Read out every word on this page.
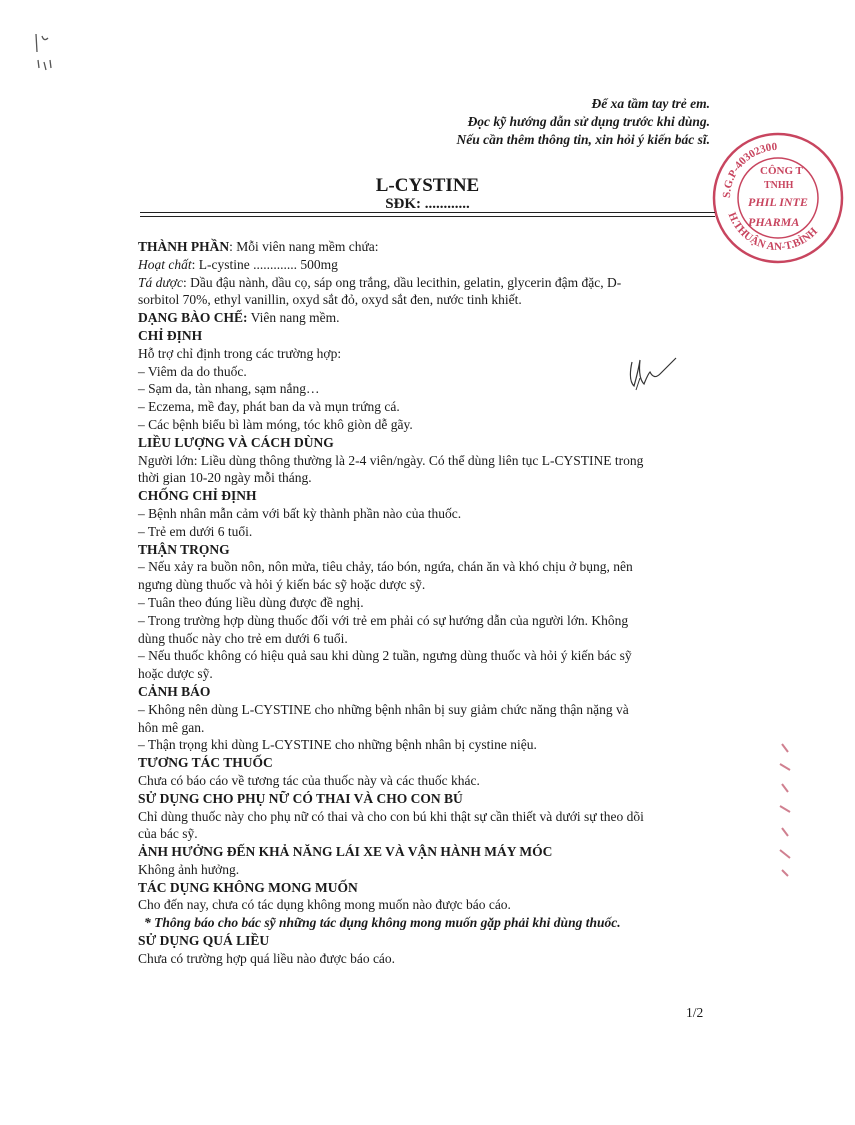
Để xa tầm tay trẻ em.
Đọc kỹ hướng dẫn sử dụng trước khi dùng.
Nếu cần thêm thông tin, xin hỏi ý kiến bác sĩ.
S.G.P-40302300
H.THUẬN AN-T.BÌNH
CÔNG T
TNHH
PHIL INTE
PHARMA
L-CYSTINE
SĐK: ............

THÀNH PHẦN: Mỗi viên nang mềm chứa:

Hoạt chất: L-cystine ............. 500mg

Tá dược: Dầu đậu nành, dầu cọ, sáp ong trắng, dầu lecithin, gelatin, glycerin đậm đặc, D-

sorbitol 70%, ethyl vanillin, oxyd sắt đỏ, oxyd sắt đen, nước tinh khiết.

DẠNG BÀO CHẾ: Viên nang mềm.

CHỈ ĐỊNH

Hỗ trợ chỉ định trong các trường hợp:

– Viêm da do thuốc.

– Sạm da, tàn nhang, sạm nắng…

– Eczema, mề đay, phát ban da và mụn trứng cá.

– Các bệnh biểu bì làm móng, tóc khô giòn dễ gãy.

LIỀU LƯỢNG VÀ CÁCH DÙNG

Người lớn: Liều dùng thông thường là 2-4 viên/ngày. Có thể dùng liên tục L-CYSTINE trong

thời gian 10-20 ngày mỗi tháng.

CHỐNG CHỈ ĐỊNH

– Bệnh nhân mẫn cảm với bất kỳ thành phần nào của thuốc.

– Trẻ em dưới 6 tuổi.

THẬN TRỌNG

– Nếu xảy ra buồn nôn, nôn mửa, tiêu chảy, táo bón, ngứa, chán ăn và khó chịu ở bụng, nên

ngưng dùng thuốc và hỏi ý kiến bác sỹ hoặc dược sỹ.

– Tuân theo đúng liều dùng được đề nghị.

– Trong trường hợp dùng thuốc đối với trẻ em phải có sự hướng dẫn của người lớn. Không

dùng thuốc này cho trẻ em dưới 6 tuổi.

– Nếu thuốc không có hiệu quả sau khi dùng 2 tuần, ngưng dùng thuốc và hỏi ý kiến bác sỹ

hoặc dược sỹ.

CẢNH BÁO

– Không nên dùng L-CYSTINE cho những bệnh nhân bị suy giảm chức năng thận nặng và

hôn mê gan.

– Thận trọng khi dùng L-CYSTINE cho những bệnh nhân bị cystine niệu.

TƯƠNG TÁC THUỐC

Chưa có báo cáo về tương tác của thuốc này và các thuốc khác.

SỬ DỤNG CHO PHỤ NỮ CÓ THAI VÀ CHO CON BÚ

Chỉ dùng thuốc này cho phụ nữ có thai và cho con bú khi thật sự cần thiết và dưới sự theo dõi

của bác sỹ.

ẢNH HƯỞNG ĐẾN KHẢ NĂNG LÁI XE VÀ VẬN HÀNH MÁY MÓC

Không ảnh hưởng.

TÁC DỤNG KHÔNG MONG MUỐN

Cho đến nay, chưa có tác dụng không mong muốn nào được báo cáo.

* Thông báo cho bác sỹ những tác dụng không mong muốn gặp phải khi dùng thuốc.

SỬ DỤNG QUÁ LIỀU

Chưa có trường hợp quá liều nào được báo cáo.

1/2
